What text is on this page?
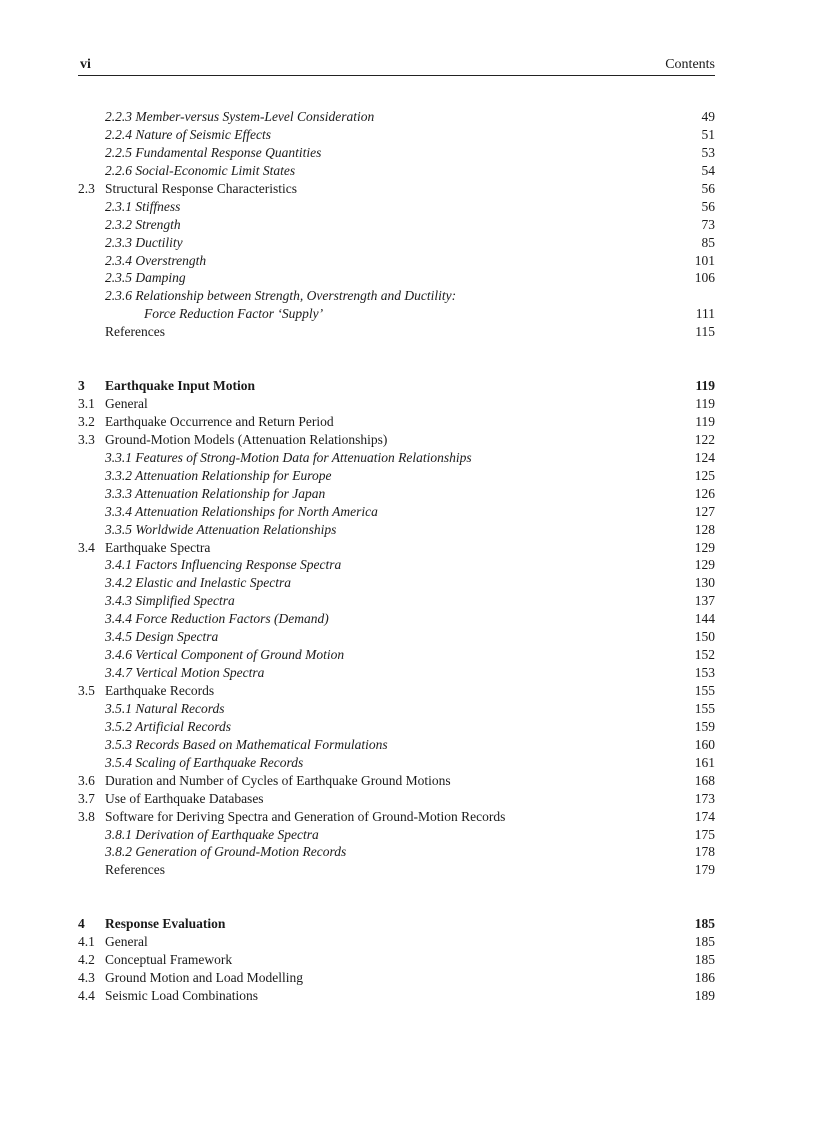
vi	Contents
2.2.3 Member-versus System-Level Consideration	49
2.2.4 Nature of Seismic Effects	51
2.2.5 Fundamental Response Quantities	53
2.2.6 Social-Economic Limit States	54
2.3 Structural Response Characteristics	56
2.3.1 Stiffness	56
2.3.2 Strength	73
2.3.3 Ductility	85
2.3.4 Overstrength	101
2.3.5 Damping	106
2.3.6 Relationship between Strength, Overstrength and Ductility:
Force Reduction Factor ‘Supply’	111
References	115
3 Earthquake Input Motion	119
3.1 General	119
3.2 Earthquake Occurrence and Return Period	119
3.3 Ground-Motion Models (Attenuation Relationships)	122
3.3.1 Features of Strong-Motion Data for Attenuation Relationships	124
3.3.2 Attenuation Relationship for Europe	125
3.3.3 Attenuation Relationship for Japan	126
3.3.4 Attenuation Relationships for North America	127
3.3.5 Worldwide Attenuation Relationships	128
3.4 Earthquake Spectra	129
3.4.1 Factors Influencing Response Spectra	129
3.4.2 Elastic and Inelastic Spectra	130
3.4.3 Simplified Spectra	137
3.4.4 Force Reduction Factors (Demand)	144
3.4.5 Design Spectra	150
3.4.6 Vertical Component of Ground Motion	152
3.4.7 Vertical Motion Spectra	153
3.5 Earthquake Records	155
3.5.1 Natural Records	155
3.5.2 Artificial Records	159
3.5.3 Records Based on Mathematical Formulations	160
3.5.4 Scaling of Earthquake Records	161
3.6 Duration and Number of Cycles of Earthquake Ground Motions	168
3.7 Use of Earthquake Databases	173
3.8 Software for Deriving Spectra and Generation of Ground-Motion Records	174
3.8.1 Derivation of Earthquake Spectra	175
3.8.2 Generation of Ground-Motion Records	178
References	179
4 Response Evaluation	185
4.1 General	185
4.2 Conceptual Framework	185
4.3 Ground Motion and Load Modelling	186
4.4 Seismic Load Combinations	189
